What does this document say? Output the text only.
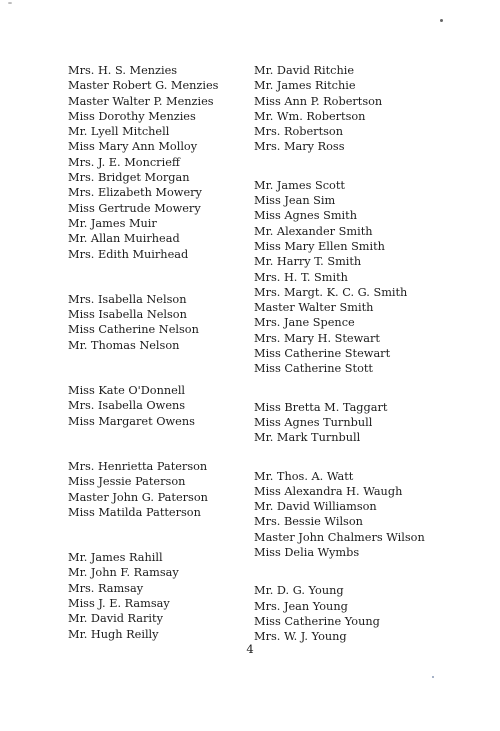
Mrs. H. S. Menzies
Master Robert G. Menzies
Master Walter P. Menzies
Miss Dorothy Menzies
Mr. Lyell Mitchell
Miss Mary Ann Molloy
Mrs. J. E. Moncrieff
Mrs. Bridget Morgan
Mrs. Elizabeth Mowery
Miss Gertrude Mowery
Mr. James Muir
Mr. Allan Muirhead
Mrs. Edith Muirhead
Mrs. Isabella Nelson
Miss Isabella Nelson
Miss Catherine Nelson
Mr. Thomas Nelson
Miss Kate O'Donnell
Mrs. Isabella Owens
Miss Margaret Owens
Mrs. Henrietta Paterson
Miss Jessie Paterson
Master John G. Paterson
Miss Matilda Patterson
Mr. James Rahill
Mr. John F. Ramsay
Mrs. Ramsay
Miss J. E. Ramsay
Mr. David Rarity
Mr. Hugh Reilly
Mr. David Ritchie
Mr. James Ritchie
Miss Ann P. Robertson
Mr. Wm. Robertson
Mrs. Robertson
Mrs. Mary Ross
Mr. James Scott
Miss Jean Sim
Miss Agnes Smith
Mr. Alexander Smith
Miss Mary Ellen Smith
Mr. Harry T. Smith
Mrs. H. T. Smith
Mrs. Margt. K. C. G. Smith
Master Walter Smith
Mrs. Jane Spence
Mrs. Mary H. Stewart
Miss Catherine Stewart
Miss Catherine Stott
Miss Bretta M. Taggart
Miss Agnes Turnbull
Mr. Mark Turnbull
Mr. Thos. A. Watt
Miss Alexandra H. Waugh
Mr. David Williamson
Mrs. Bessie Wilson
Master John Chalmers Wilson
Miss Delia Wymbs
Mr. D. G. Young
Mrs. Jean Young
Miss Catherine Young
Mrs. W. J. Young
4
